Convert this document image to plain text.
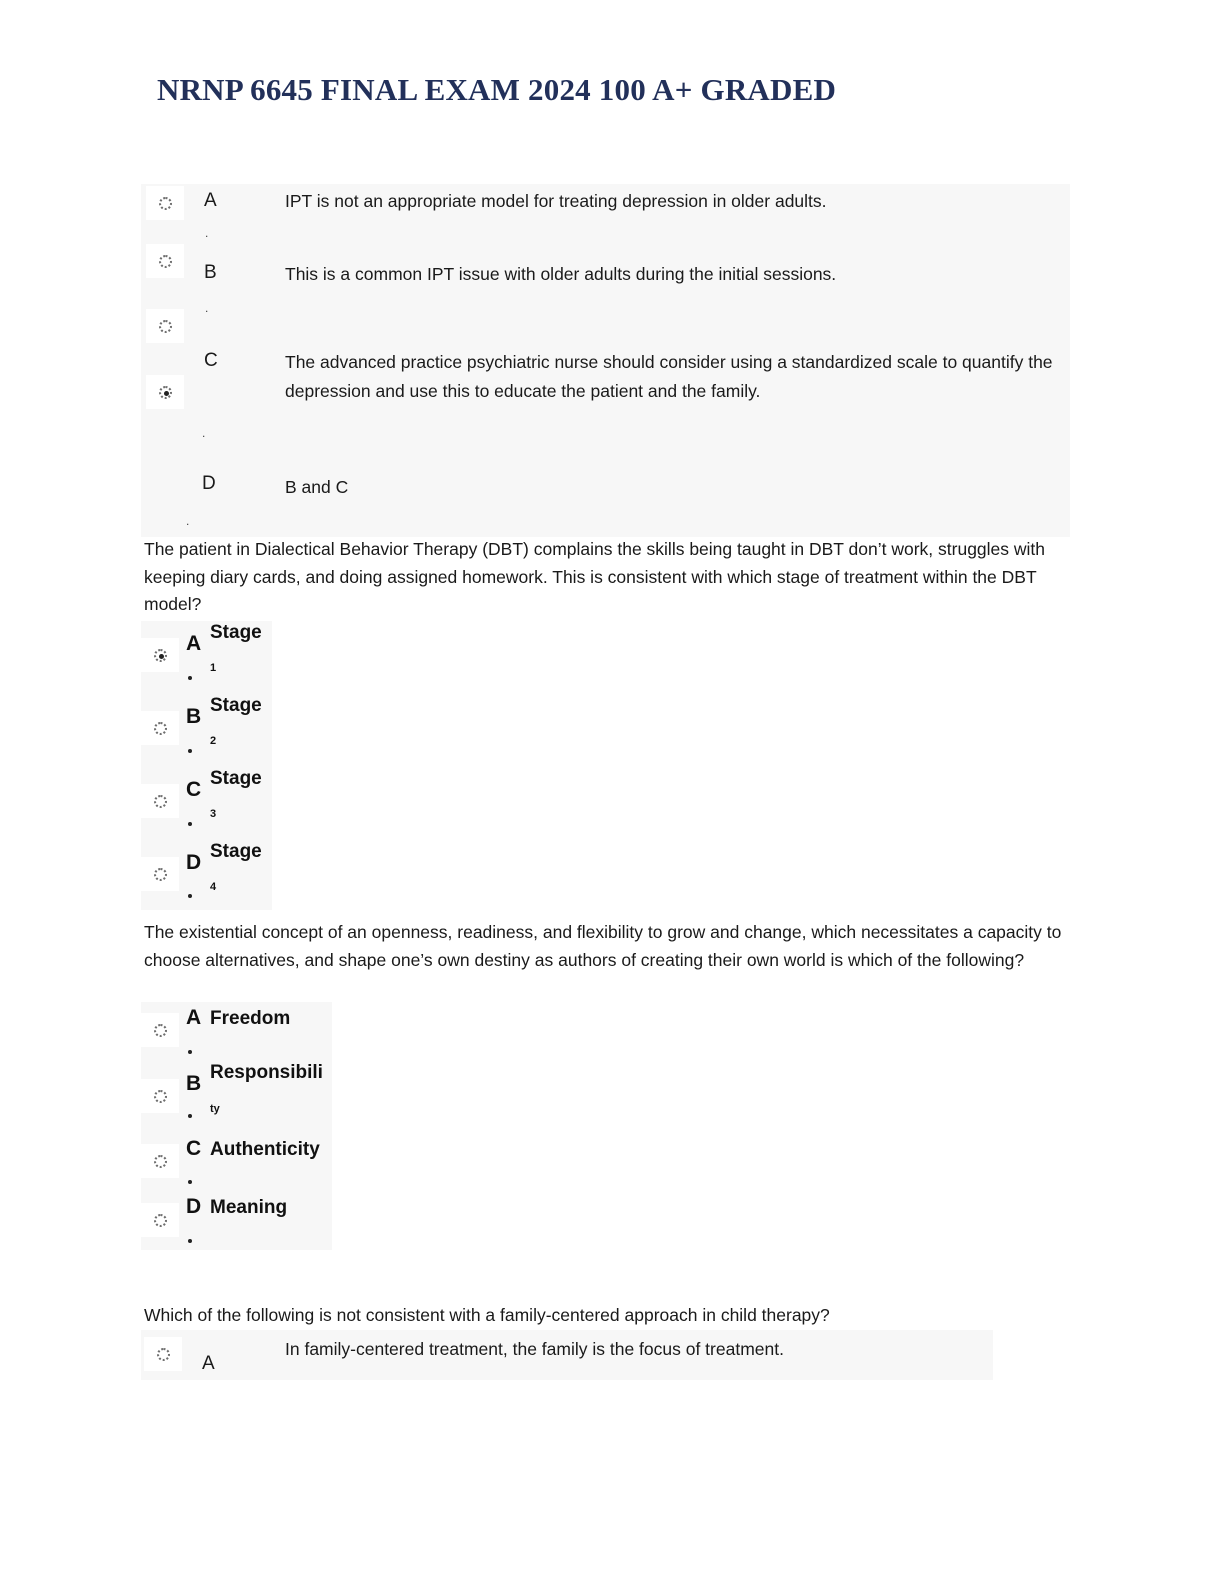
NRNP 6645 FINAL EXAM 2024 100 A+ GRADED
A
.
IPT is not an appropriate model for treating depression in older adults.
B
.
This is a common IPT issue with older adults during the initial sessions.
C	The advanced practice psychiatric nurse should consider using a standardized scale to quantify the depression and use this to educate the patient and the family.
.
D	B and C
.

The patient in Dialectical Behavior Therapy (DBT) complains the skills being taught in DBT don’t work, struggles with keeping diary cards, and doing assigned homework. This is consistent with which stage of treatment within the DBT model?

A Stage
1
B Stage
2
C Stage
3
D Stage
4

The existential concept of an openness, readiness, and flexibility to grow and change, which necessitates a capacity to choose alternatives, and shape one’s own destiny as authors of creating their own world is which of the following?

A Freedom
B Responsibili
ty
C Authenticity
D Meaning

Which of the following is not consistent with a family-centered approach in child therapy?

A
In family-centered treatment, the family is the focus of treatment.
